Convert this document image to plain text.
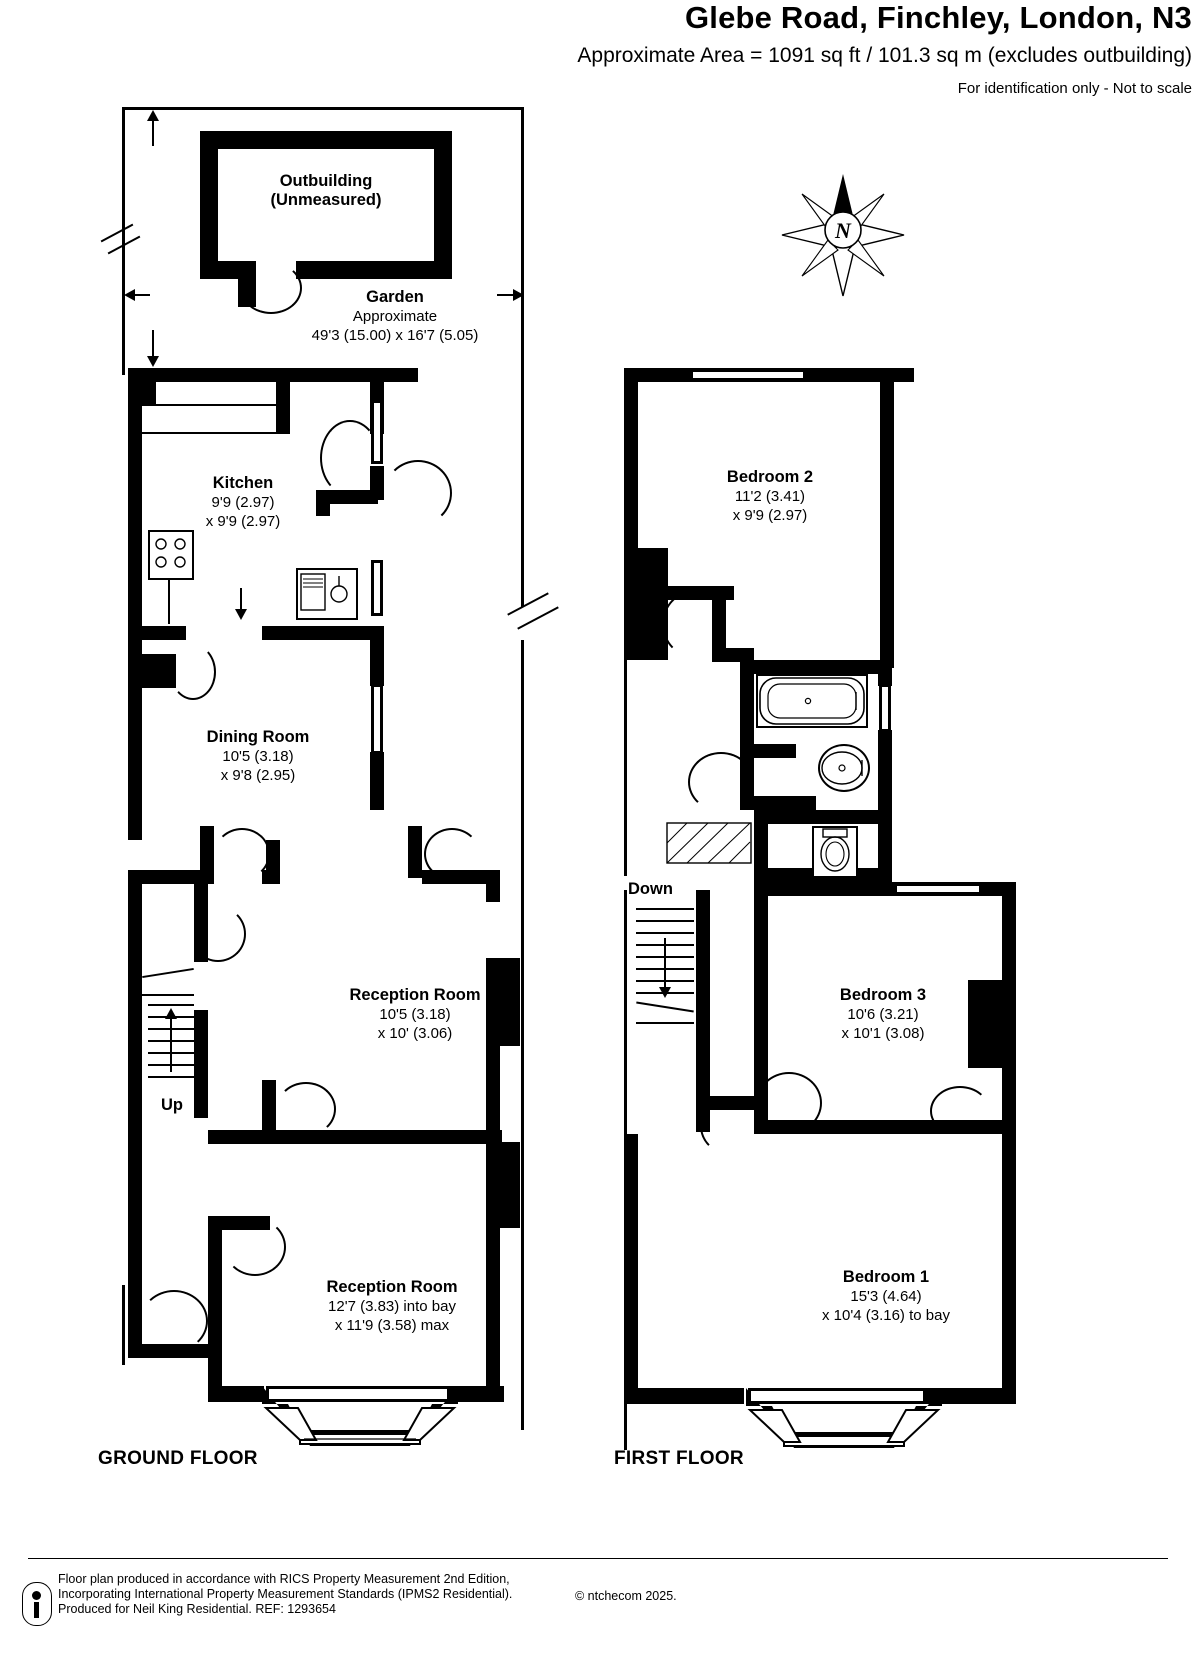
Glebe Road, Finchley, London, N3
Approximate Area = 1091 sq ft / 101.3 sq m (excludes outbuilding)
For identification only - Not to scale
N
Outbuilding
(Unmeasured)
Garden
Approximate
49'3 (15.00) x 16'7 (5.05)
Kitchen
9'9 (2.97)
x 9'9 (2.97)
Dining Room
10'5 (3.18)
x 9'8 (2.95)
Up
Reception Room
10'5 (3.18)
x 10' (3.06)
Reception Room
12'7 (3.83) into bay
x 11'9 (3.58) max
GROUND FLOOR
Bedroom 2
11'2 (3.41)
x 9'9 (2.97)
Down
Bedroom 3
10'6 (3.21)
x 10'1 (3.08)
Bedroom 1
15'3 (4.64)
x 10'4 (3.16) to bay
FIRST FLOOR
Floor plan produced in accordance with RICS Property Measurement 2nd Edition,
Incorporating International Property Measurement Standards (IPMS2 Residential).	© ntchecom 2025.
Produced for Neil King Residential. REF: 1293654
